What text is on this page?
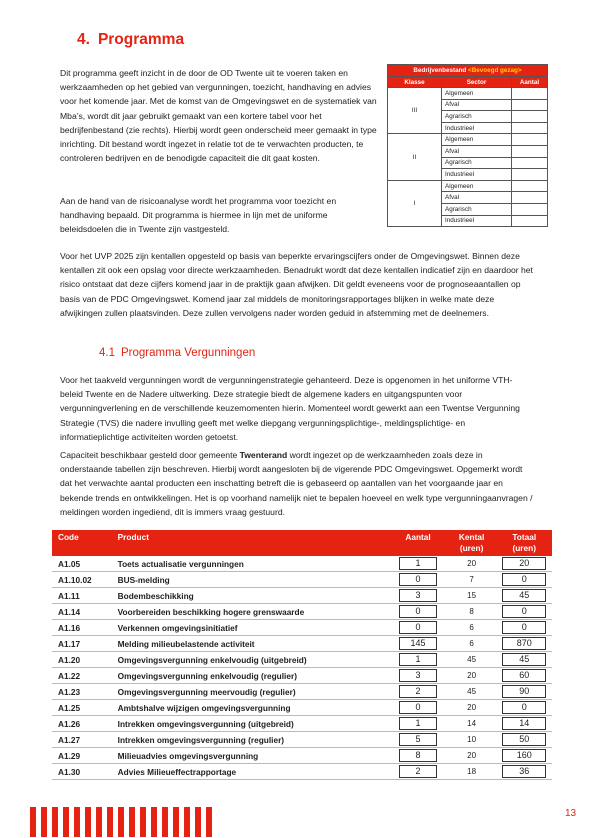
4. Programma

Dit programma geeft inzicht in de door de OD Twente uit te voeren taken en werkzaamheden op het gebied van vergunningen, toezicht, handhaving en advies voor het komende jaar. Met de komst van de Omgevingswet en de systematiek van Mba’s, wordt dit jaar gebruikt gemaakt van een kortere tabel voor het bedrijfenbestand (zie rechts). Hierbij wordt geen onderscheid meer gemaakt in type inrichting. Dit bestand wordt ingezet in relatie tot de te verwachten producten, te controleren bedrijven en de benodigde capaciteit die dit gaat kosten.

Bedrijvenbestand <Bevoegd gezag>		
Klasse	Sector	Aantal
III	Algemeen	
	Afval	
	Agrarisch	
	Industrieel	
II	Algemeen	
	Afval	
	Agrarisch	
	Industrieel	
I	Algemeen	
	Afval	
	Agrarisch	
	Industrieel	

Aan de hand van de risicoanalyse wordt het programma voor toezicht en handhaving bepaald. Dit programma is hiermee in lijn met de uniforme beleidsdoelen die in Twente zijn vastgesteld.

Voor het UVP 2025 zijn kentallen opgesteld op basis van beperkte ervaringscijfers onder de Omgevingswet. Binnen deze kentallen zit ook een opslag voor directe werkzaamheden. Benadrukt wordt dat deze kentallen indicatief zijn en daardoor het risico ontstaat dat deze cijfers komend jaar in de praktijk gaan afwijken. Dit geldt eveneens voor de prognoseaantallen op basis van de PDC Omgevingswet. Komend jaar zal middels de monitoringsrapportages blijken in welke mate deze afwijkingen zullen plaatsvinden. Deze zullen vervolgens nader worden geduid in afstemming met de deelnemers.

4.1 Programma Vergunningen

Voor het taakveld vergunningen wordt de vergunningenstrategie gehanteerd. Deze is opgenomen in het uniforme VTH-beleid Twente en de Nadere uitwerking. Deze strategie biedt de algemene kaders en uitgangspunten voor vergunningverlening en de verschillende keuzemomenten hierin. Momenteel wordt gewerkt aan een Twentse Vergunning Strategie (TVS) die nadere invulling geeft met welke diepgang vergunningsplichtige-, meldingsplichtige- en informatieplichtige activiteiten worden getoetst.

Capaciteit beschikbaar gesteld door gemeente Twenterand wordt ingezet op de werkzaamheden zoals deze in onderstaande tabellen zijn beschreven. Hierbij wordt aangesloten bij de vigerende PDC Omgevingswet. Opgemerkt wordt dat het verwachte aantal producten een inschatting betreft die is gebaseerd op aantallen van het voorgaande jaar en bekende trends en ontwikkelingen. Het is op voorhand namelijk niet te bepalen hoeveel en welk type vergunningaanvragen / meldingen worden ingediend, dit is immers vraag gestuurd.

Code	Product	Aantal	Kental (uren)	Totaal (uren)
A1.05	Toets actualisatie vergunningen	1	20	20

A1.10.02	BUS-melding	0	7	0

A1.11	Bodembeschikking	3	15	45

A1.14	Voorbereiden beschikking hogere grenswaarde	0	8	0

A1.16	Verkennen omgevingsinitiatief	0	6	0

A1.17	Melding milieubelastende activiteit	145	6	870

A1.20	Omgevingsvergunning enkelvoudig (uitgebreid)	1	45	45

A1.22	Omgevingsvergunning enkelvoudig (regulier)	3	20	60

A1.23	Omgevingsvergunning meervoudig (regulier)	2	45	90

A1.25	Ambtshalve wijzigen omgevingsvergunning	0	20	0

A1.26	Intrekken omgevingsvergunning (uitgebreid)	1	14	14

A1.27	Intrekken omgevingsvergunning (regulier)	5	10	50

A1.29	Milieuadvies omgevingsvergunning	8	20	160

A1.30	Advies Milieueffectrapportage	2	18	36
13
